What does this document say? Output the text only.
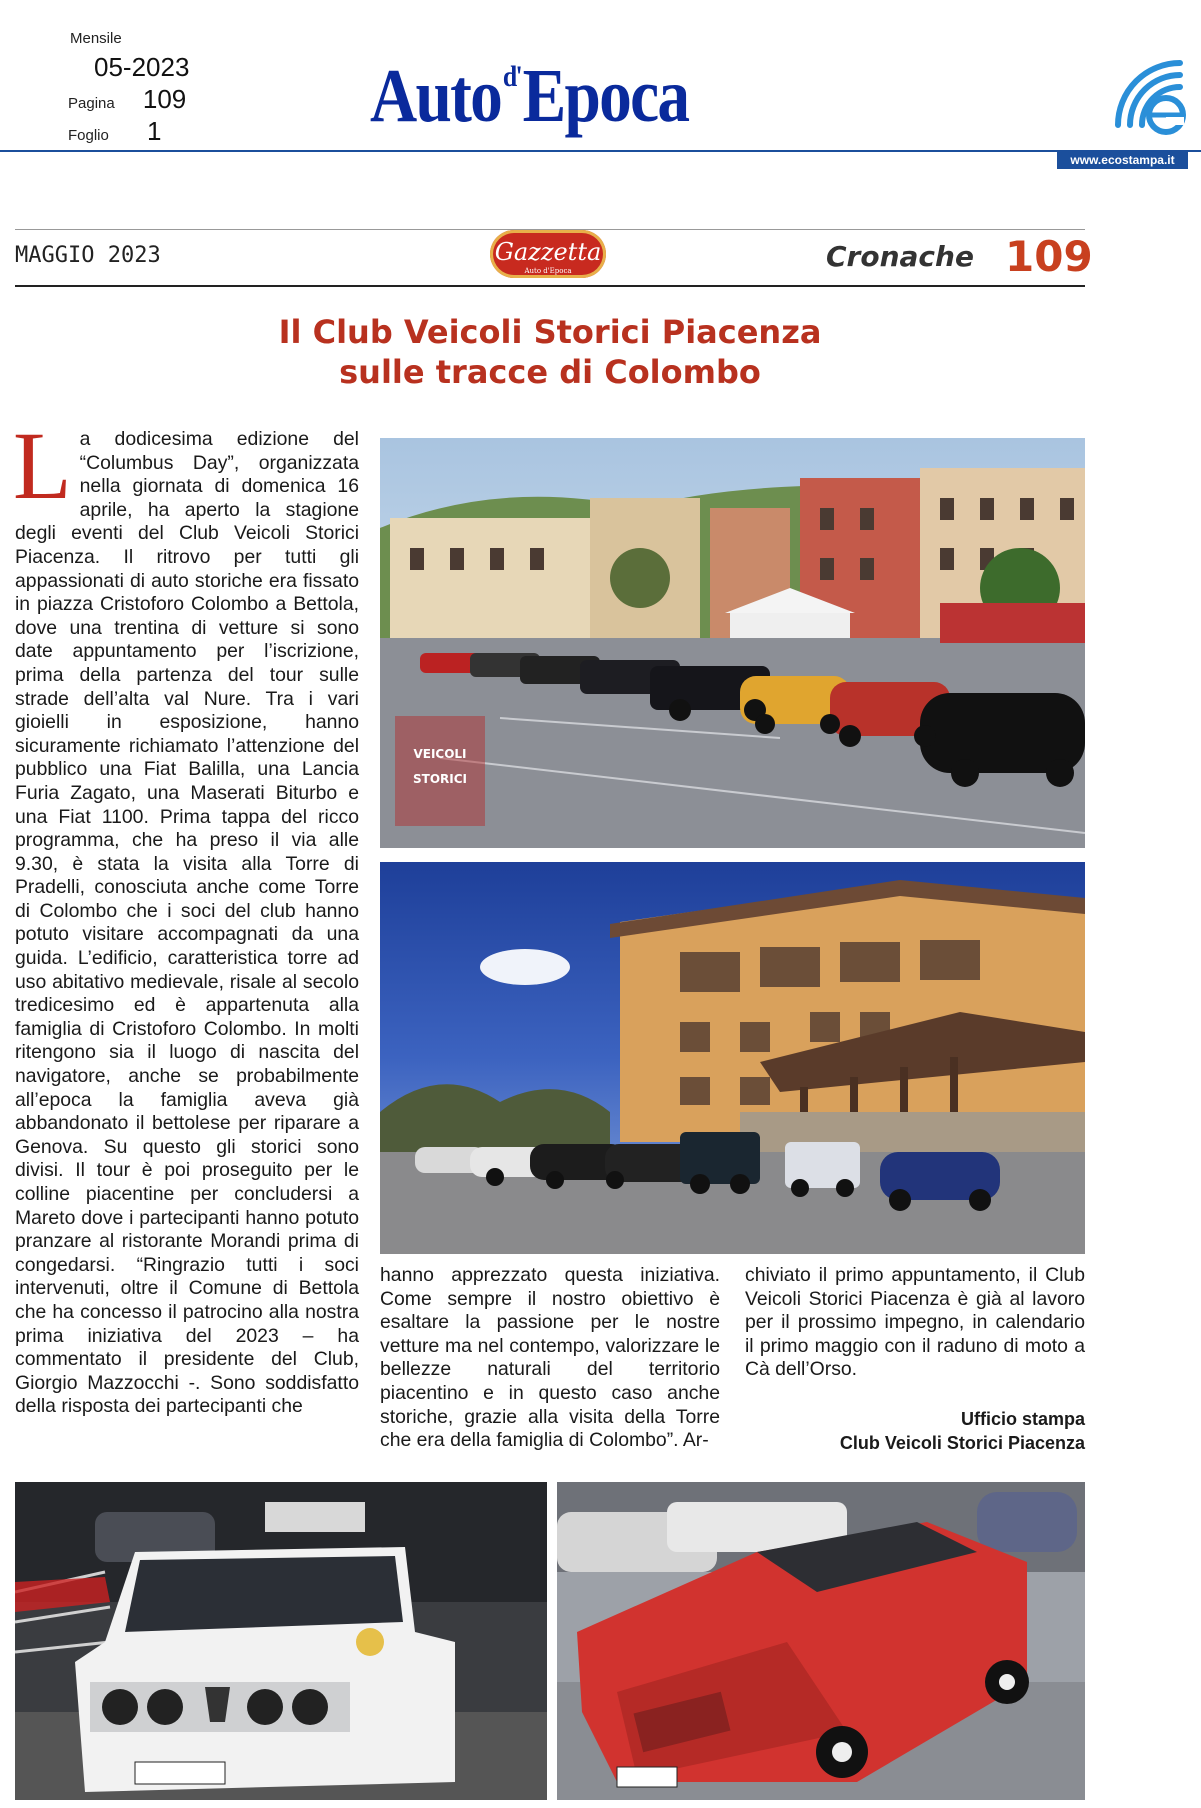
Mensile
05-2023
Pagina 109
Foglio 1	Auto$^{d'}$Epoca
www.ecostampa.it
MAGGIO 2023	Gazzetta
Auto d'Epoca	Cronache 109
Il Club Veicoli Storici Piacenza
sulle tracce di Colombo

La dodicesima edizione del “Columbus Day”, organizzata nella giornata di domenica 16 aprile, ha aperto la stagione degli eventi del Club Veicoli Storici Piacenza. Il ritrovo per tutti gli appassionati di auto storiche era fissato in piazza Cristoforo Colombo a Bettola, dove una trentina di vetture si sono date appuntamento per l’iscrizione, prima della partenza del tour sulle strade dell’alta val Nure. Tra i vari gioielli in esposizione, hanno sicuramente richiamato l’attenzione del pubblico una Fiat Balilla, una Lancia Furia Zagato, una Maserati Biturbo e una Fiat 1100. Prima tappa del ricco programma, che ha preso il via alle 9.30, è stata la visita alla Torre di Pradelli, conosciuta anche come Torre di Colombo che i soci del club hanno potuto visitare accompagnati da una guida. L’edificio, caratteristica torre ad uso abitativo medievale, risale al secolo tredicesimo ed è appartenuta alla famiglia di Cristoforo Colombo. In molti ritengono sia il luogo di nascita del navigatore, anche se probabilmente all’epoca la famiglia aveva già abbandonato il bettolese per riparare a Genova. Su questo gli storici sono divisi. Il tour è poi proseguito per le colline piacentine per concludersi a Mareto dove i partecipanti hanno potuto pranzare al ristorante Morandi prima di congedarsi. “Ringrazio tutti i soci intervenuti, oltre il Comune di Bettola che ha concesso il patrocino alla nostra prima iniziativa del 2023 – ha commentato il presidente del Club, Giorgio Mazzocchi -. Sono soddisfatto della risposta dei partecipanti che

hanno apprezzato questa iniziativa. Come sempre il nostro obiettivo è esaltare la passione per le nostre vetture ma nel contempo, valorizzare le bellezze naturali del territorio piacentino e in questo caso anche storiche, grazie alla visita della Torre che era della famiglia di Colombo”. Ar-

chiviato il primo appuntamento, il Club Veicoli Storici Piacenza è già al lavoro per il prossimo impegno, in calendario il primo maggio con il raduno di moto a Cà dell’Orso.

Ufficio stampa
Club Veicoli Storici Piacenza
VEICOLI
STORICI
